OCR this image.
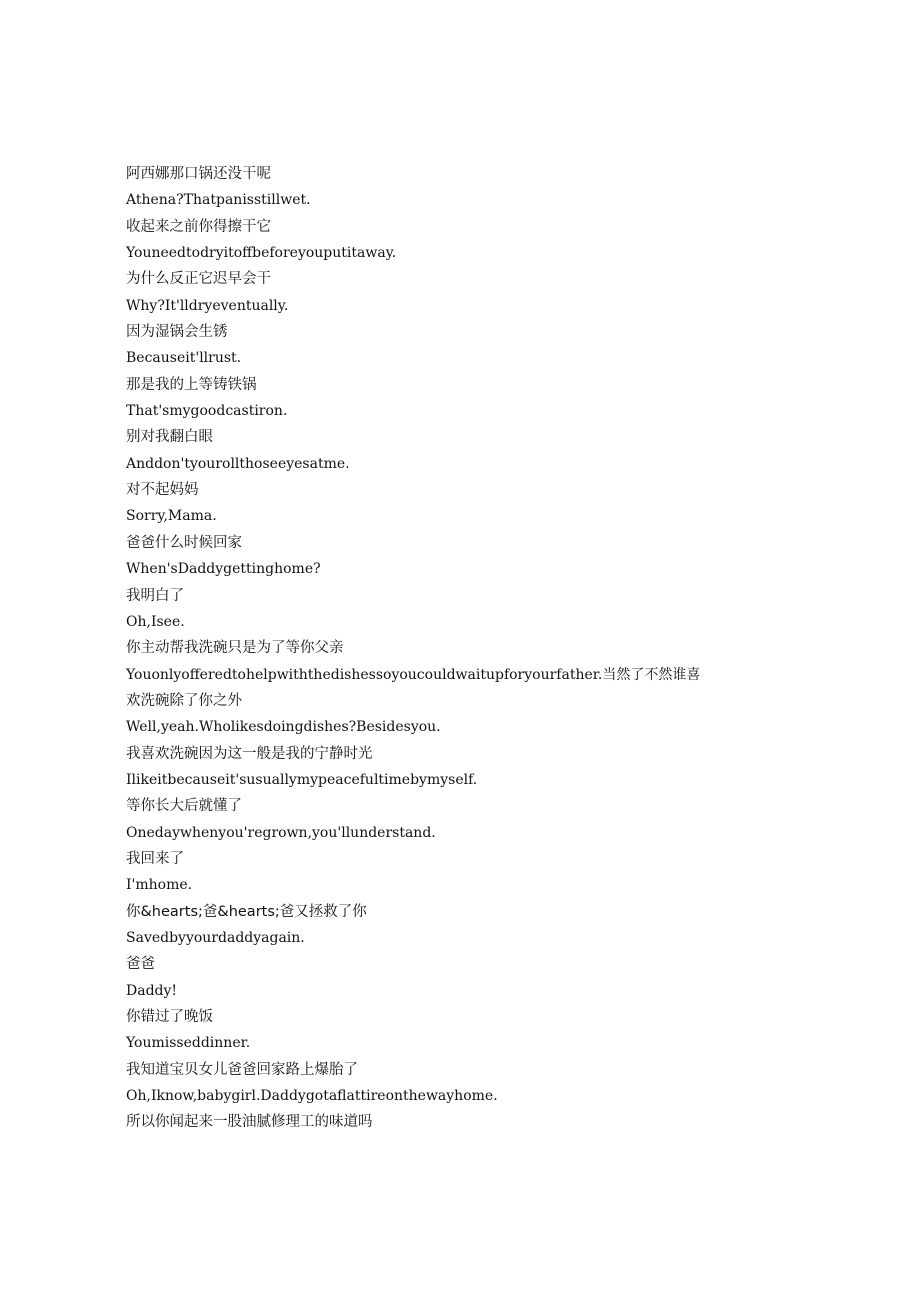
阿西娜那口锅还没干呢
Athena?Thatpanisstillwet.
收起来之前你得擦干它
Youneedtodryitoffbeforeyouputitaway.
为什么反正它迟早会干
Why?It'lldryeventually.
因为湿锅会生锈
Becauseit'llrust.
那是我的上等铸铁锅
That'smygoodcastiron.
别对我翻白眼
Anddon'tyourollthoseeyesatme.
对不起妈妈
Sorry,Mama.
爸爸什么时候回家
When'sDaddygettinghome?
我明白了
Oh,Isee.
你主动帮我洗碗只是为了等你父亲
Youonlyofferedtohelpwiththedishessoyoucouldwaitupforyourfather.当然了不然谁喜
欢洗碗除了你之外
Well,yeah.Wholikesdoingdishes?Besidesyou.
我喜欢洗碗因为这一般是我的宁静时光
Ilikeitbecauseit'susuallymypeacefultimebymyself.
等你长大后就懂了
Onedaywhenyou'regrown,you'llunderstand.
我回来了
I'mhome.
你&hearts;爸&hearts;爸又拯救了你
Savedbyyourdaddyagain.
爸爸
Daddy!
你错过了晚饭
Youmisseddinner.
我知道宝贝女儿爸爸回家路上爆胎了
Oh,Iknow,babygirl.Daddygotaflattireonthewayhome.
所以你闻起来一股油腻修理工的味道吗
